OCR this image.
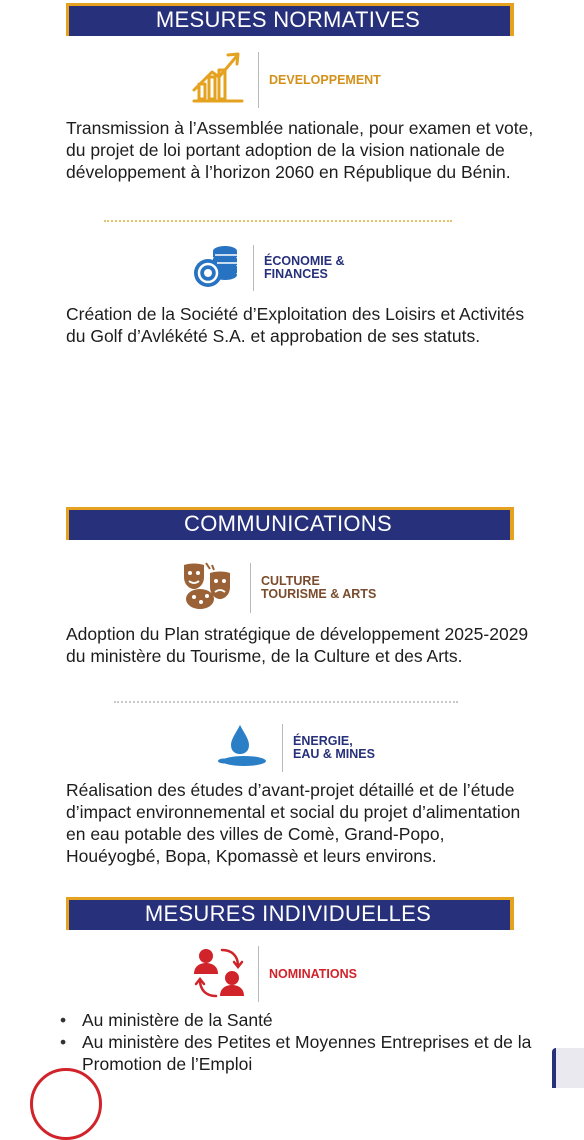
MESURES NORMATIVES
DEVELOPPEMENT
Transmission à l’Assemblée nationale, pour examen et vote, du projet de loi portant adoption de la vision nationale de développement à l’horizon 2060 en République du Bénin.
ÉCONOMIE &
FINANCES
Création de la Société d’Exploitation des Loisirs et Activités du Golf d’Avlékété S.A. et approbation de ses statuts.
COMMUNICATIONS
CULTURE
TOURISME & ARTS
Adoption du Plan stratégique de développement 2025-2029 du ministère du Tourisme, de la Culture et des Arts.
ÉNERGIE,
EAU & MINES
Réalisation des études d’avant-projet détaillé et de l’étude d’impact environnemental et social du projet d’alimentation en eau potable des villes de Comè, Grand-Popo, Houéyogbé, Bopa, Kpomassè et leurs environs.
MESURES INDIVIDUELLES
NOMINATIONS
• Au ministère de la Santé
• Au ministère des Petites et Moyennes Entreprises et de la Promotion de l’Emploi
